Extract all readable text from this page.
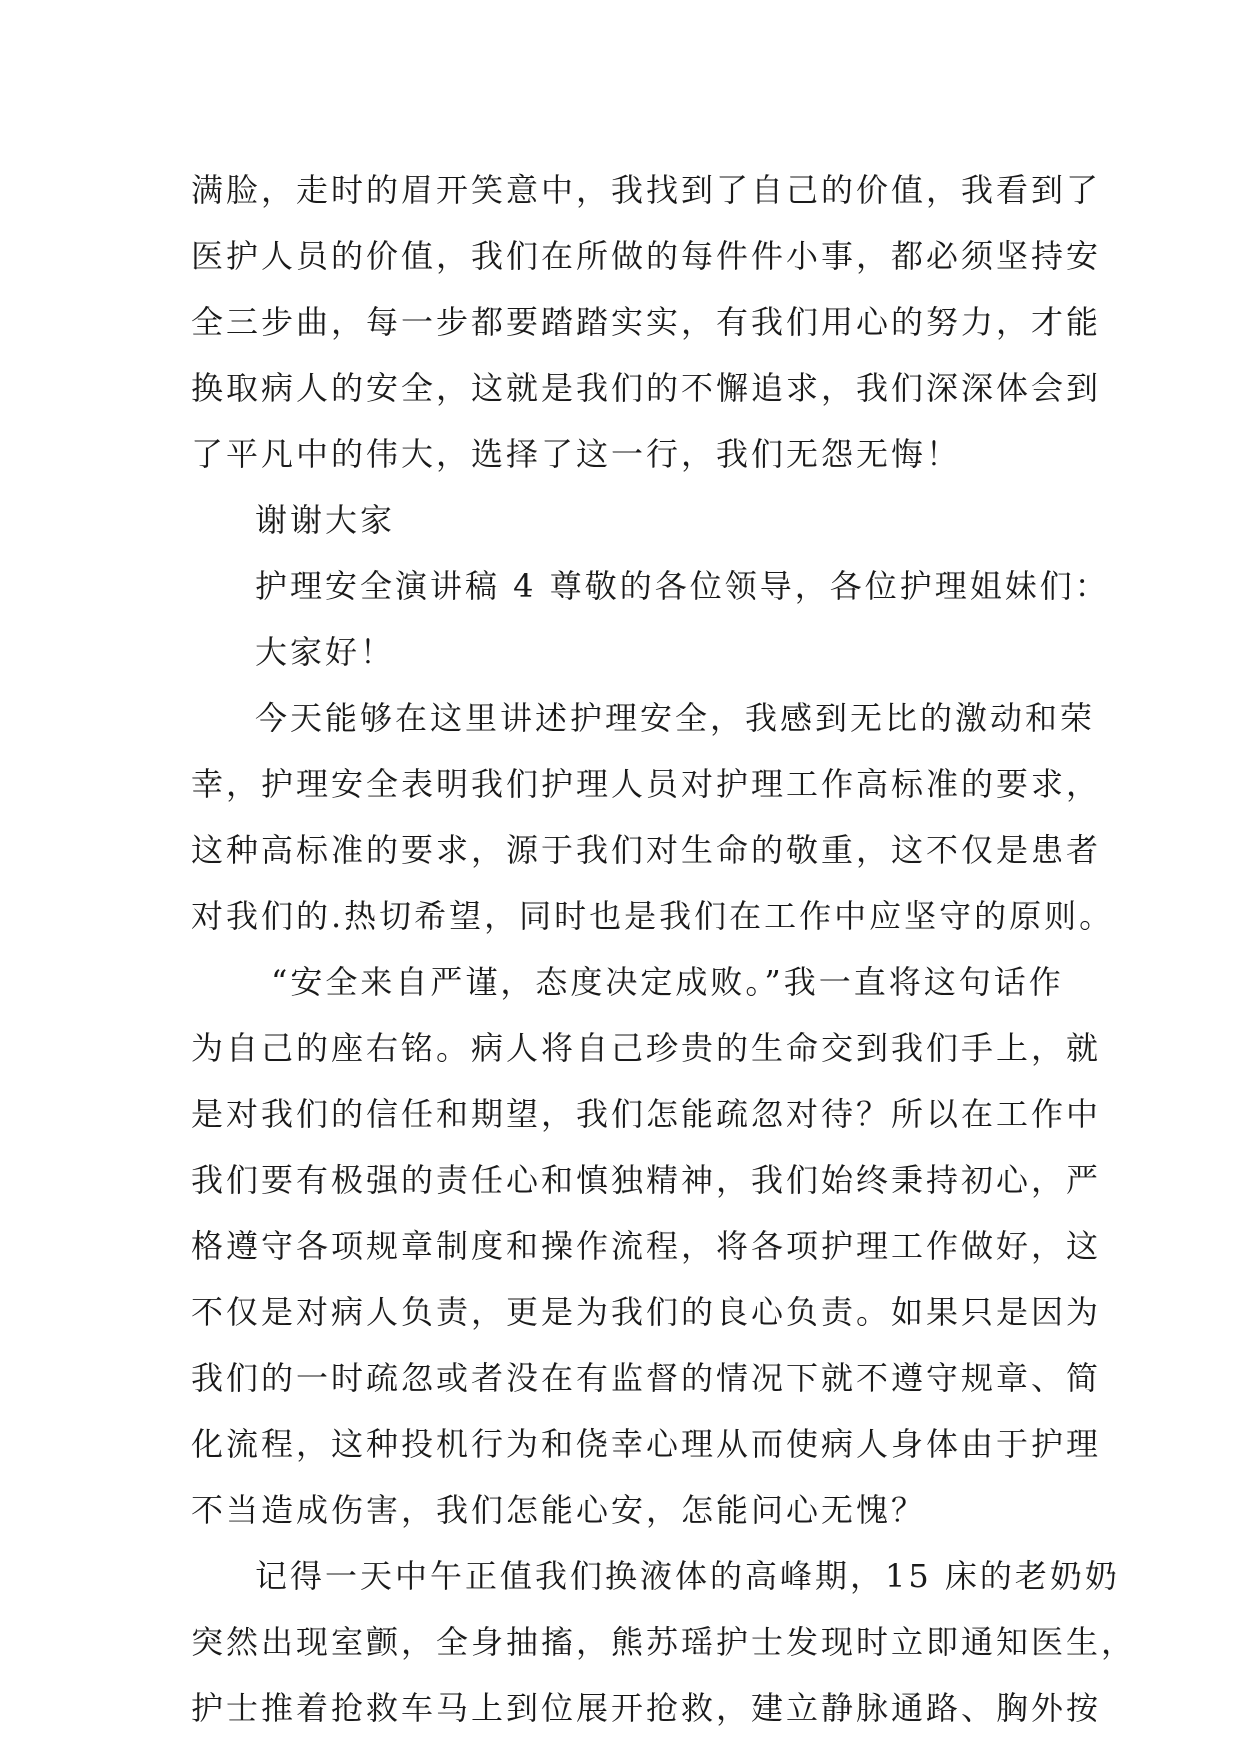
满脸，走时的眉开笑意中，我找到了自己的价值，我看到了

医护人员的价值，我们在所做的每件件小事，都必须坚持安

全三步曲，每一步都要踏踏实实，有我们用心的努力，才能

换取病人的安全，这就是我们的不懈追求，我们深深体会到

了平凡中的伟大，选择了这一行，我们无怨无悔！

谢谢大家

护理安全演讲稿 4 尊敬的各位领导，各位护理姐妹们：

大家好！

今天能够在这里讲述护理安全，我感到无比的激动和荣

幸，护理安全表明我们护理人员对护理工作高标准的要求，

这种高标准的要求，源于我们对生命的敬重，这不仅是患者

对我们的.热切希望，同时也是我们在工作中应坚守的原则。

“安全来自严谨，态度决定成败。”我一直将这句话作

为自己的座右铭。病人将自己珍贵的生命交到我们手上，就

是对我们的信任和期望，我们怎能疏忽对待？所以在工作中

我们要有极强的责任心和慎独精神，我们始终秉持初心，严

格遵守各项规章制度和操作流程，将各项护理工作做好，这

不仅是对病人负责，更是为我们的良心负责。如果只是因为

我们的一时疏忽或者没在有监督的情况下就不遵守规章、简

化流程，这种投机行为和侥幸心理从而使病人身体由于护理

不当造成伤害，我们怎能心安，怎能问心无愧？

记得一天中午正值我们换液体的高峰期，15 床的老奶奶

突然出现室颤，全身抽搐，熊苏瑶护士发现时立即通知医生，

护士推着抢救车马上到位展开抢救，建立静脉通路、胸外按
